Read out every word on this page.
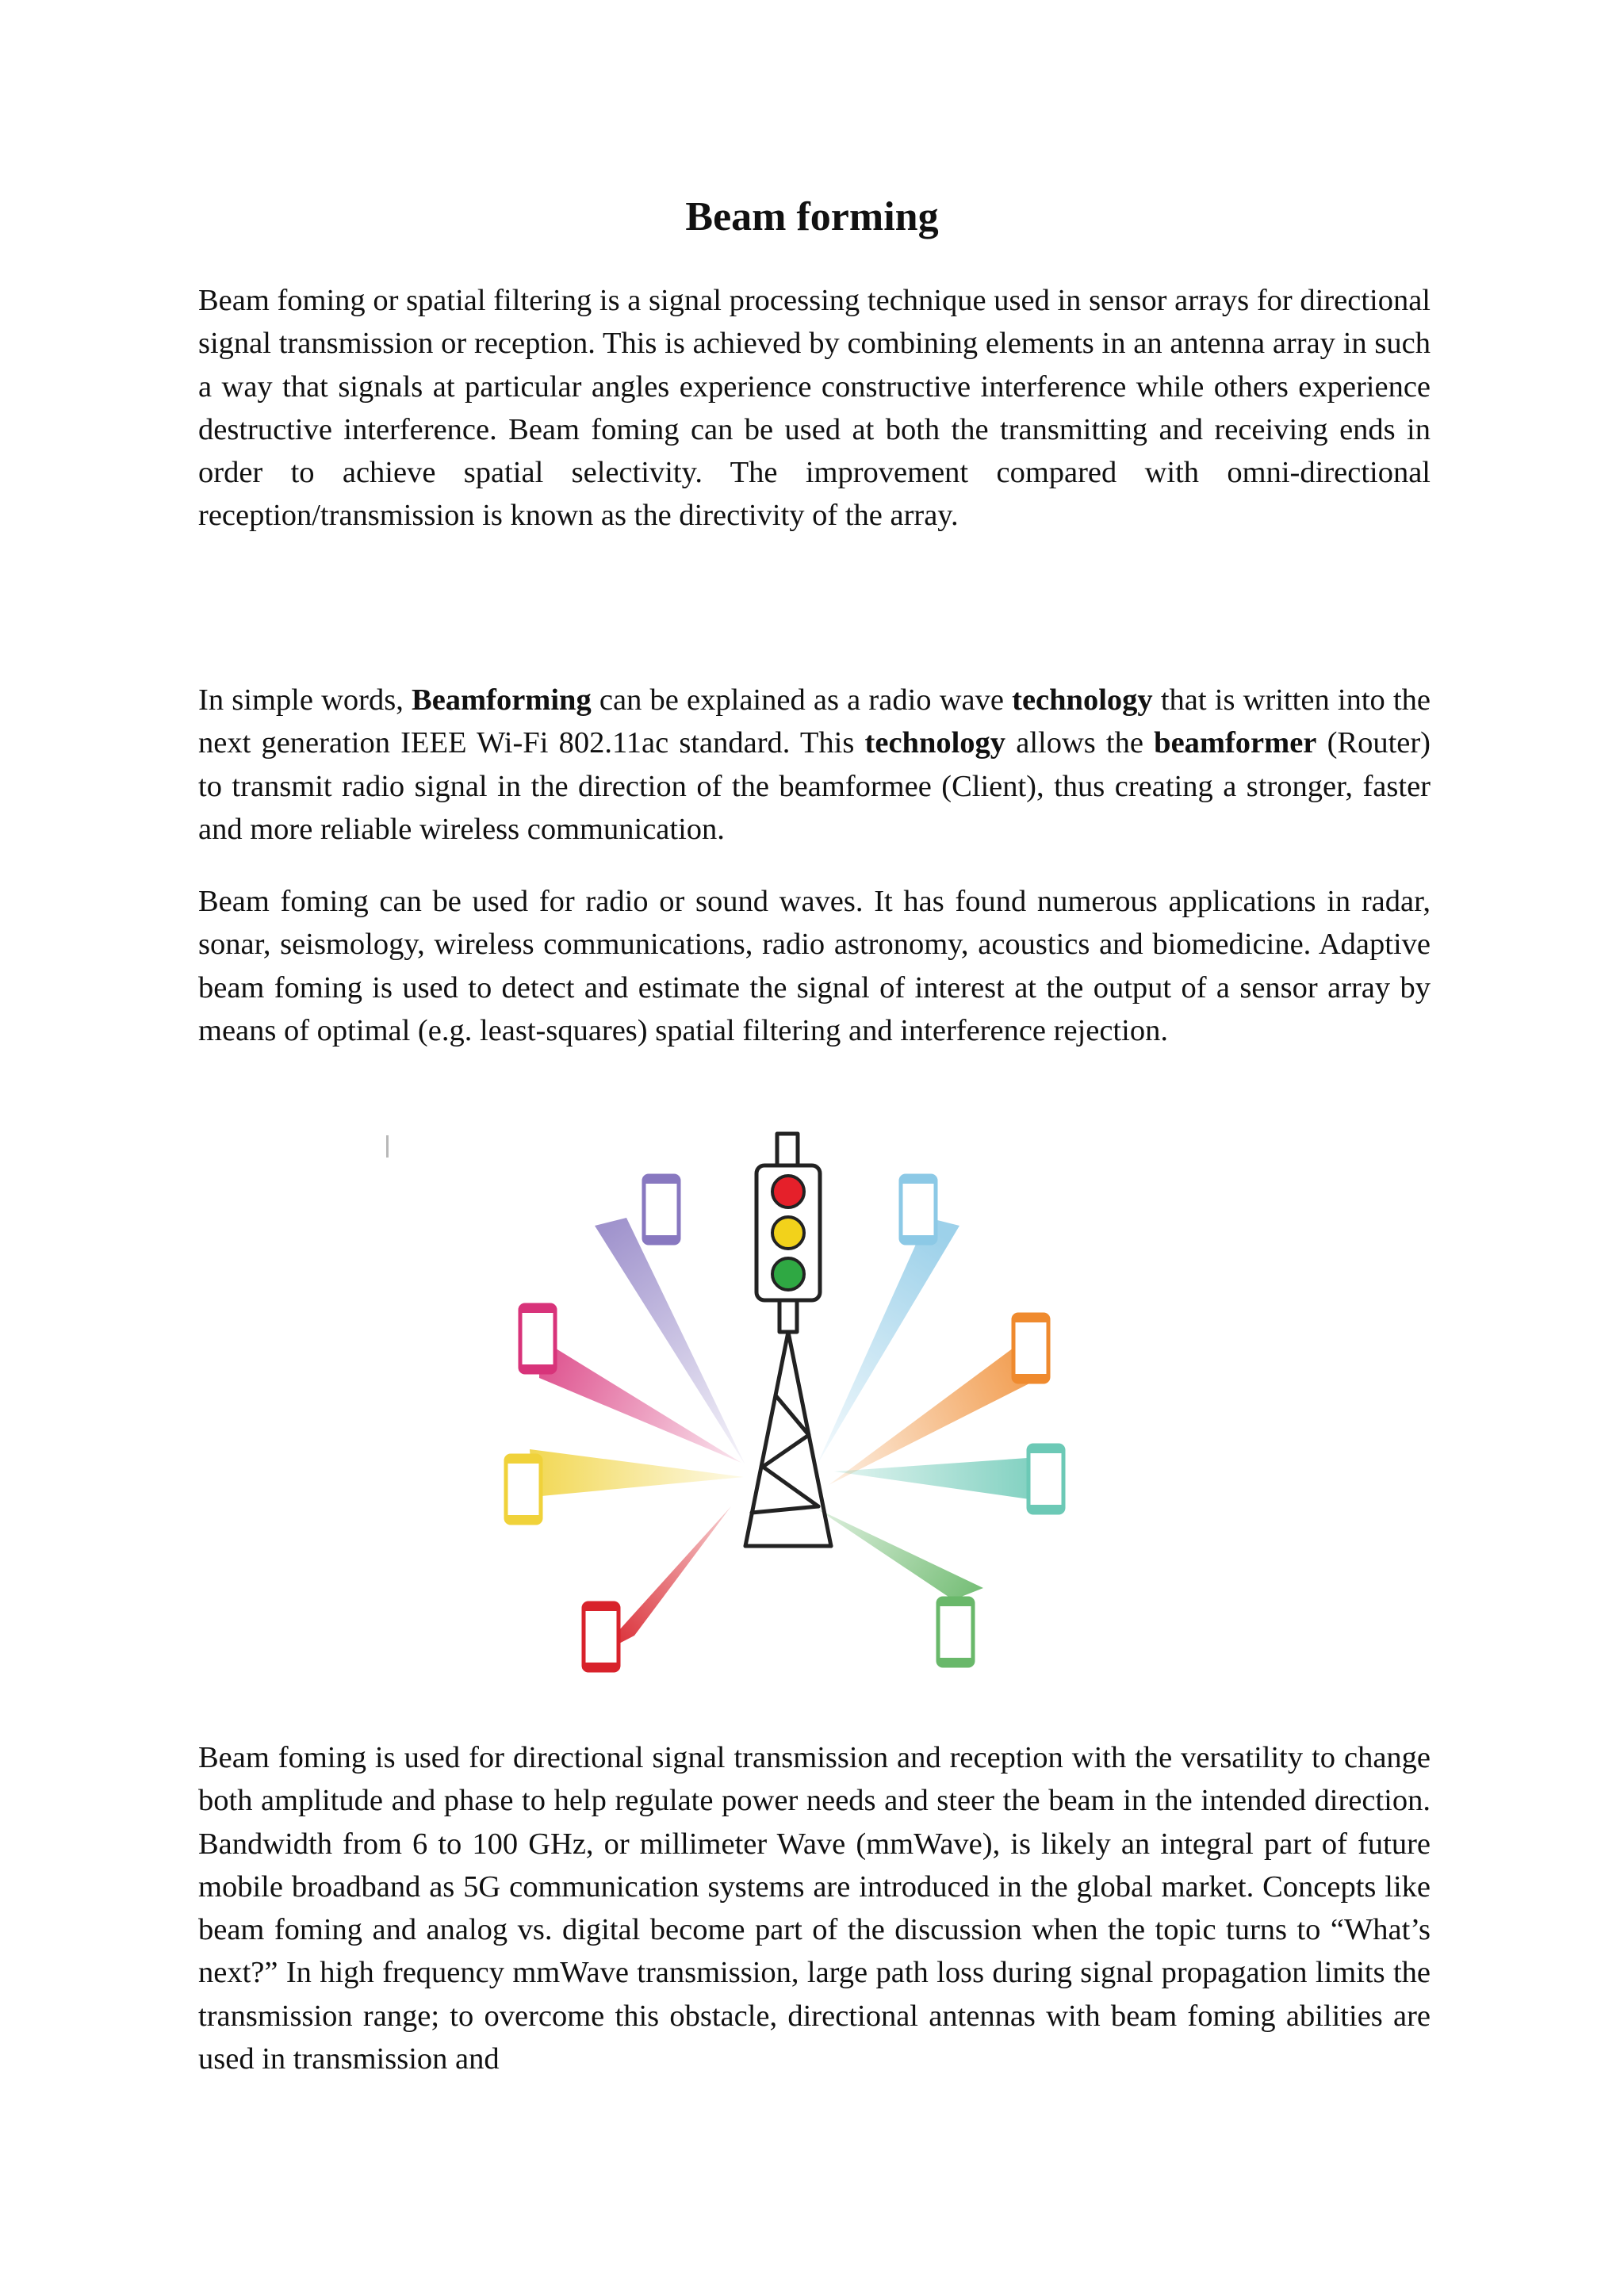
Beam forming

Beam foming or spatial filtering is a signal processing technique used in sensor arrays for directional signal transmission or reception. This is achieved by combining elements in an antenna array in such a way that signals at particular angles experience constructive interference while others experience destructive interference. Beam foming can be used at both the transmitting and receiving ends in order to achieve spatial selectivity. The improvement compared with omni-directional reception/transmission is known as the directivity of the array.

In simple words, Beamforming can be explained as a radio wave technology that is written into the next generation IEEE Wi-Fi 802.11ac standard. This technology allows the beamformer (Router) to transmit radio signal in the direction of the beamformee (Client), thus creating a stronger, faster and more reliable wireless communication.

Beam foming can be used for radio or sound waves. It has found numerous applications in radar, sonar, seismology, wireless communications, radio astronomy, acoustics and biomedicine. Adaptive beam foming is used to detect and estimate the signal of interest at the output of a sensor array by means of optimal (e.g. least-squares) spatial filtering and interference rejection.

Beam foming is used for directional signal transmission and reception with the versatility to change both amplitude and phase to help regulate power needs and steer the beam in the intended direction. Bandwidth from 6 to 100 GHz, or millimeter Wave (mmWave), is likely an integral part of future mobile broadband as 5G communication systems are introduced in the global market. Concepts like beam foming and analog vs. digital become part of the discussion when the topic turns to “What’s next?” In high frequency mmWave transmission, large path loss during signal propagation limits the transmission range; to overcome this obstacle, directional antennas with beam foming abilities are used in transmission and
